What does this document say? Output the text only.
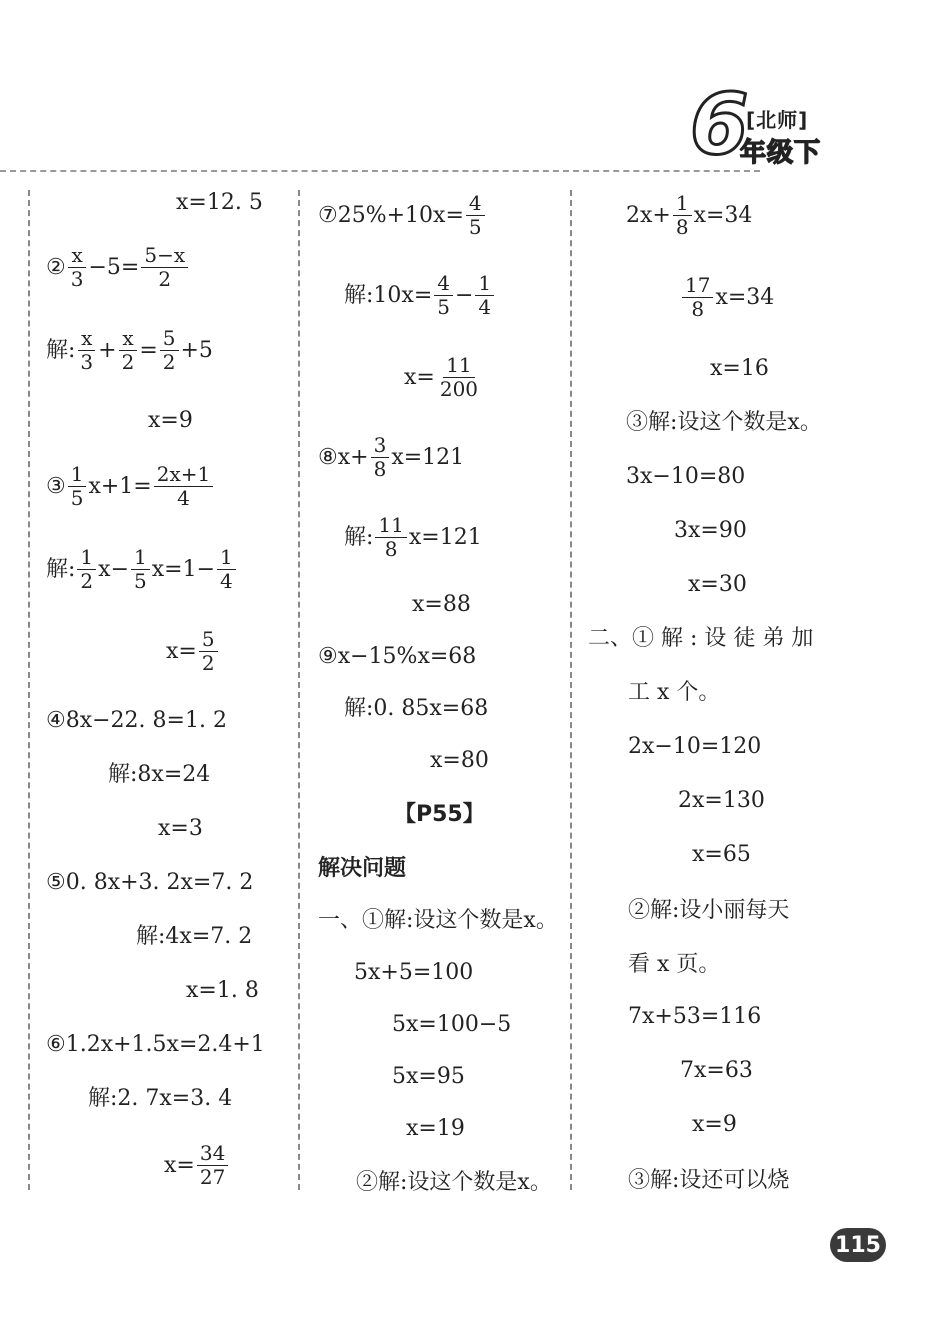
6
[北师]
年级下
x=12. 5
② $\frac{x}{3} -5= \frac{5-x}{2}$
解: $\frac{x}{3} + \frac{x}{2} = \frac{5}{2} +5$
x=9
③ $\frac{1}{5} x+1= \frac{2x+1}{4}$
解: $\frac{1}{2} x- \frac{1}{5} x=1- \frac{1}{4}$
$x= \frac{5}{2}$
④8x−22. 8=1. 2
解:8x=24
x=3
⑤0. 8x+3. 2x=7. 2
解:4x=7. 2
x=1. 8
⑥1.2x+1.5x=2.4+1
解:2. 7x=3. 4
$x= \frac{34}{27}$
⑦25%+10x= $\frac{4}{5}$
解:10x= $\frac{4}{5} - \frac{1}{4}$
$x= \frac{11}{200}$
⑧x+ $\frac{3}{8} x=121$
解: $\frac{11}{8} x=121$
x=88
⑨x−15%x=68
解:0. 85x=68
x=80
【P55】
解决问题
一、①解:设这个数是x。
5x+5=100
5x=100−5
5x=95
x=19
②解:设这个数是x。
$2x+ \frac{1}{8} x=34$
$\frac{17}{8} x=34$
x=16
③解:设这个数是x。
3x−10=80
3x=90
x=30
二、① 解 : 设 徒 弟 加
工 x 个。
2x−10=120
2x=130
x=65
②解:设小丽每天
看 x 页。
7x+53=116
7x=63
x=9
③解:设还可以烧
115
